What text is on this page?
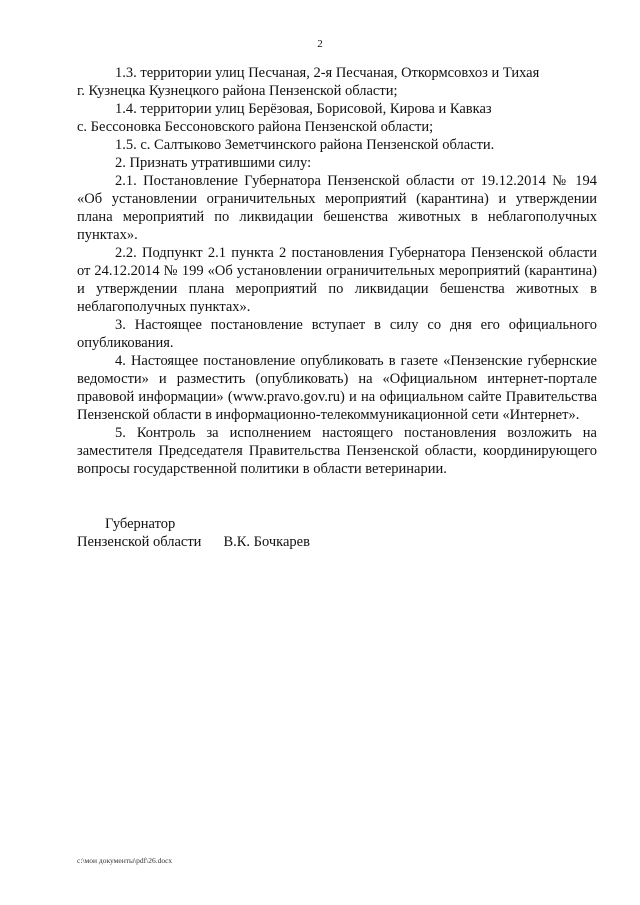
2

1.3. территории улиц Песчаная, 2-я Песчаная, Откормсовхоз и Тихая
г. Кузнецка Кузнецкого района Пензенской области;

1.4. территории улиц Берёзовая, Борисовой, Кирова и Кавказ
с. Бессоновка Бессоновского района Пензенской области;

1.5. с. Салтыково Земетчинского района Пензенской области.

2. Признать утратившими силу:

2.1. Постановление Губернатора Пензенской области от 19.12.2014 № 194 «Об установлении ограничительных мероприятий (карантина) и утверждении плана мероприятий по ликвидации бешенства животных в неблагополучных пунктах».

2.2. Подпункт 2.1 пункта 2 постановления Губернатора Пензенской области от 24.12.2014 № 199 «Об установлении ограничительных мероприятий (карантина) и утверждении плана мероприятий по ликвидации бешенства животных в неблагополучных пунктах».

3. Настоящее постановление вступает в силу со дня его официального опубликования.

4. Настоящее постановление опубликовать в газете «Пензенские губернские ведомости» и разместить (опубликовать) на «Официальном интернет-портале правовой информации» (www.pravo.gov.ru) и на официальном сайте Правительства Пензенской области в информационно-телекоммуникационной сети «Интернет».

5. Контроль за исполнением настоящего постановления возложить на заместителя Председателя Правительства Пензенской области, координирующего вопросы государственной политики в области ветеринарии.

Губернатор

Пензенской области В.К. Бочкарев

c:\мои документы\pdf\26.docx
